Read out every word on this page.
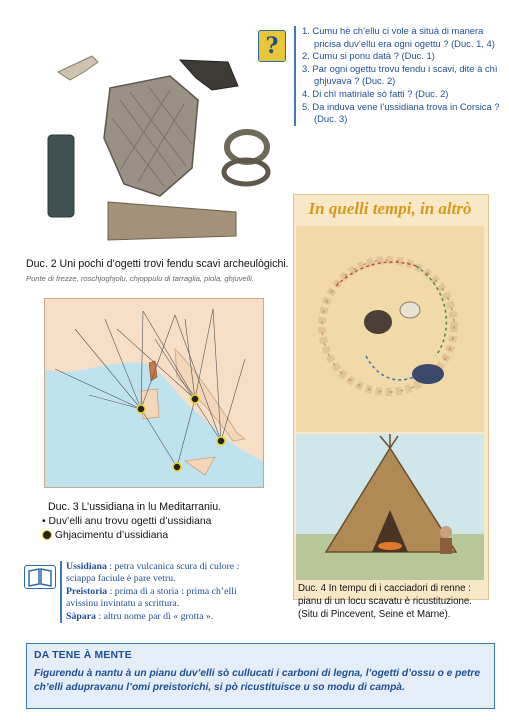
?
1. Cumu hè ch’ellu ci vole à situà di manera pricisa duv’ellu era ogni ogettu ? (Duc. 1, 4)
2. Cumu si ponu datà ? (Duc. 1)
3. Par ogni ogettu trovu fendu i scavi, dite à chì ghjuvava ? (Duc. 2)
4. Di chì matiriale sò fatti ? (Duc. 2)
5. Da induva vene l’ussidiana trova in Corsica ? (Duc. 3)
Duc. 2 Uni pochi d’ogetti trovi fendu scavi archeulògichi.
Punte di frezze, roschjoghjolu, chjoppulu di tarraglia, piola, ghjuvelli.
Duc. 3 L’ussidiana in lu Meditarraniu.
• Duv’elli anu trovu ogetti d’ussidiana
Ghjacimentu d’ussidiana
Ussidiana : petra vulcanica scura di culore : sciappa faciule è pare vetru.
Preistoria : prima di a storia : prima ch’elli avissinu invintatu a scrittura.
Sàpara : altru nome par dì « grotta ».
In quelli tempi, in altrò
Duc. 4 In tempu di i cacciadori di renne : pianu di un locu scavatu è ricustituzione. (Situ di Pincevent, Seine et Marne).
DA TENE À MENTE
Figurendu à nantu à un pianu duv’elli sò cullucati i carboni di legna, l’ogetti d’ossu o e petre ch’elli adupravanu l’omi preistorichi, si pò ricustituisce u so modu di campà.
